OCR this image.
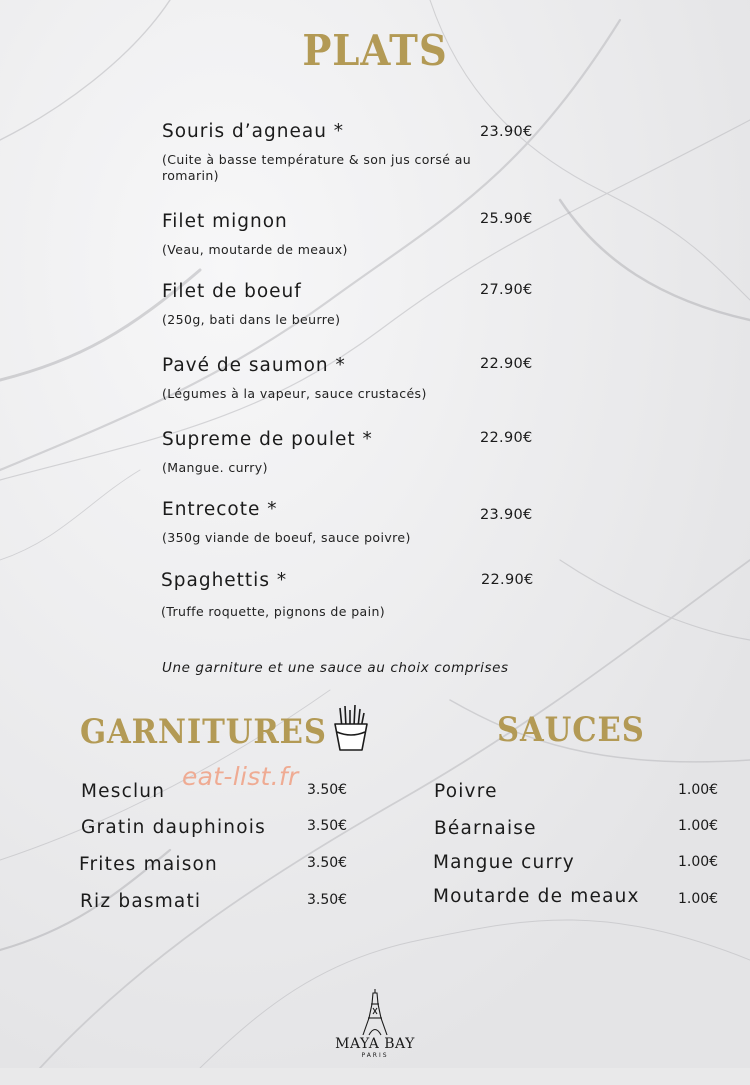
PLATS
Souris d’agneau *
(Cuite à basse température & son jus corsé au romarin)
23.90€
Filet mignon
(Veau, moutarde de meaux)
25.90€
Filet de boeuf
(250g, bati dans le beurre)
27.90€
Pavé de saumon *
(Légumes à la vapeur, sauce crustacés)
22.90€
Supreme de poulet *
(Mangue. curry)
22.90€
Entrecote *
(350g viande de boeuf, sauce poivre)
23.90€
Spaghettis *
(Truffe roquette, pignons de pain)
22.90€
Une garniture et une sauce au choix comprises
GARNITURES
Mesclun	3.50€
Gratin dauphinois	3.50€
Frites maison	3.50€
Riz basmati	3.50€
SAUCES
Poivre	1.00€
Béarnaise	1.00€
Mangue curry	1.00€
Moutarde de meaux	1.00€
eat-list.fr
MAYA BAY
PARIS
